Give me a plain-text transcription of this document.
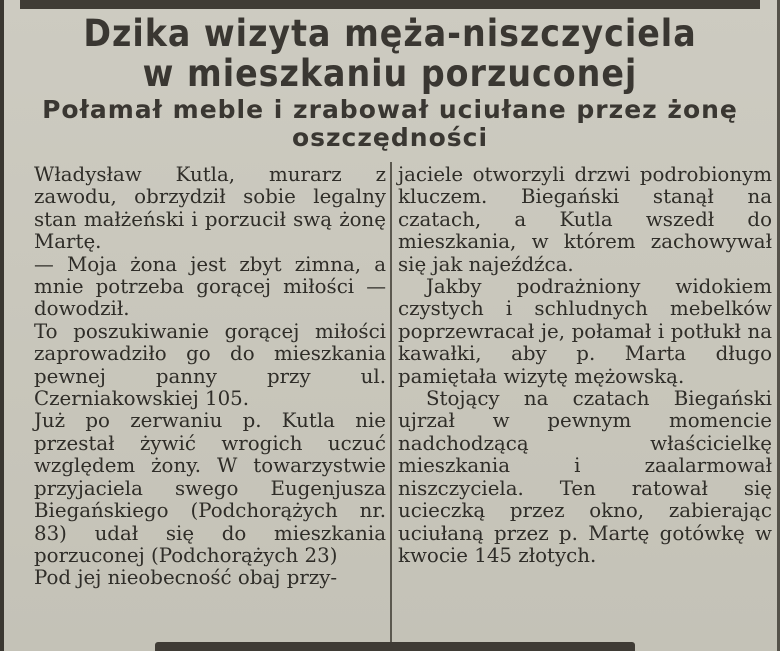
Dzika wizyta męża-niszczyciela

w mieszkaniu porzuconej

Połamał meble i zrabował uciułane przez żonę

oszczędności

Władysław Kutla, murarz z zawodu, obrzydził sobie legalny stan małżeński i porzucił swą żonę Martę.

— Moja żona jest zbyt zimna, a mnie potrzeba gorącej miłości — dowodził.

To poszukiwanie gorącej miłości zaprowadziło go do mieszkania pewnej panny przy ul. Czerniakowskiej 105.

Już po zerwaniu p. Kutla nie przestał żywić wrogich uczuć względem żony. W towarzystwie przyjaciela swego Eugenjusza Biegańskiego (Podchorążych nr. 83) udał się do mieszkania porzuconej (Podchorążych 23)

Pod jej nieobecność obaj przy-

jaciele otworzyli drzwi podrobionym kluczem. Biegański stanął na czatach, a Kutla wszedł do mieszkania, w którem zachowywał się jak najeźdźca.

Jakby podrażniony widokiem czystych i schludnych mebelków poprzewracał je, połamał i potłukł na kawałki, aby p. Marta długo pamiętała wizytę mężowską.

Stojący na czatach Biegański ujrzał w pewnym momencie nadchodzącą właścicielkę mieszkania i zaalarmował niszczyciela. Ten ratował się ucieczką przez okno, zabierając uciułaną przez p. Martę gotówkę w kwocie 145 złotych.
